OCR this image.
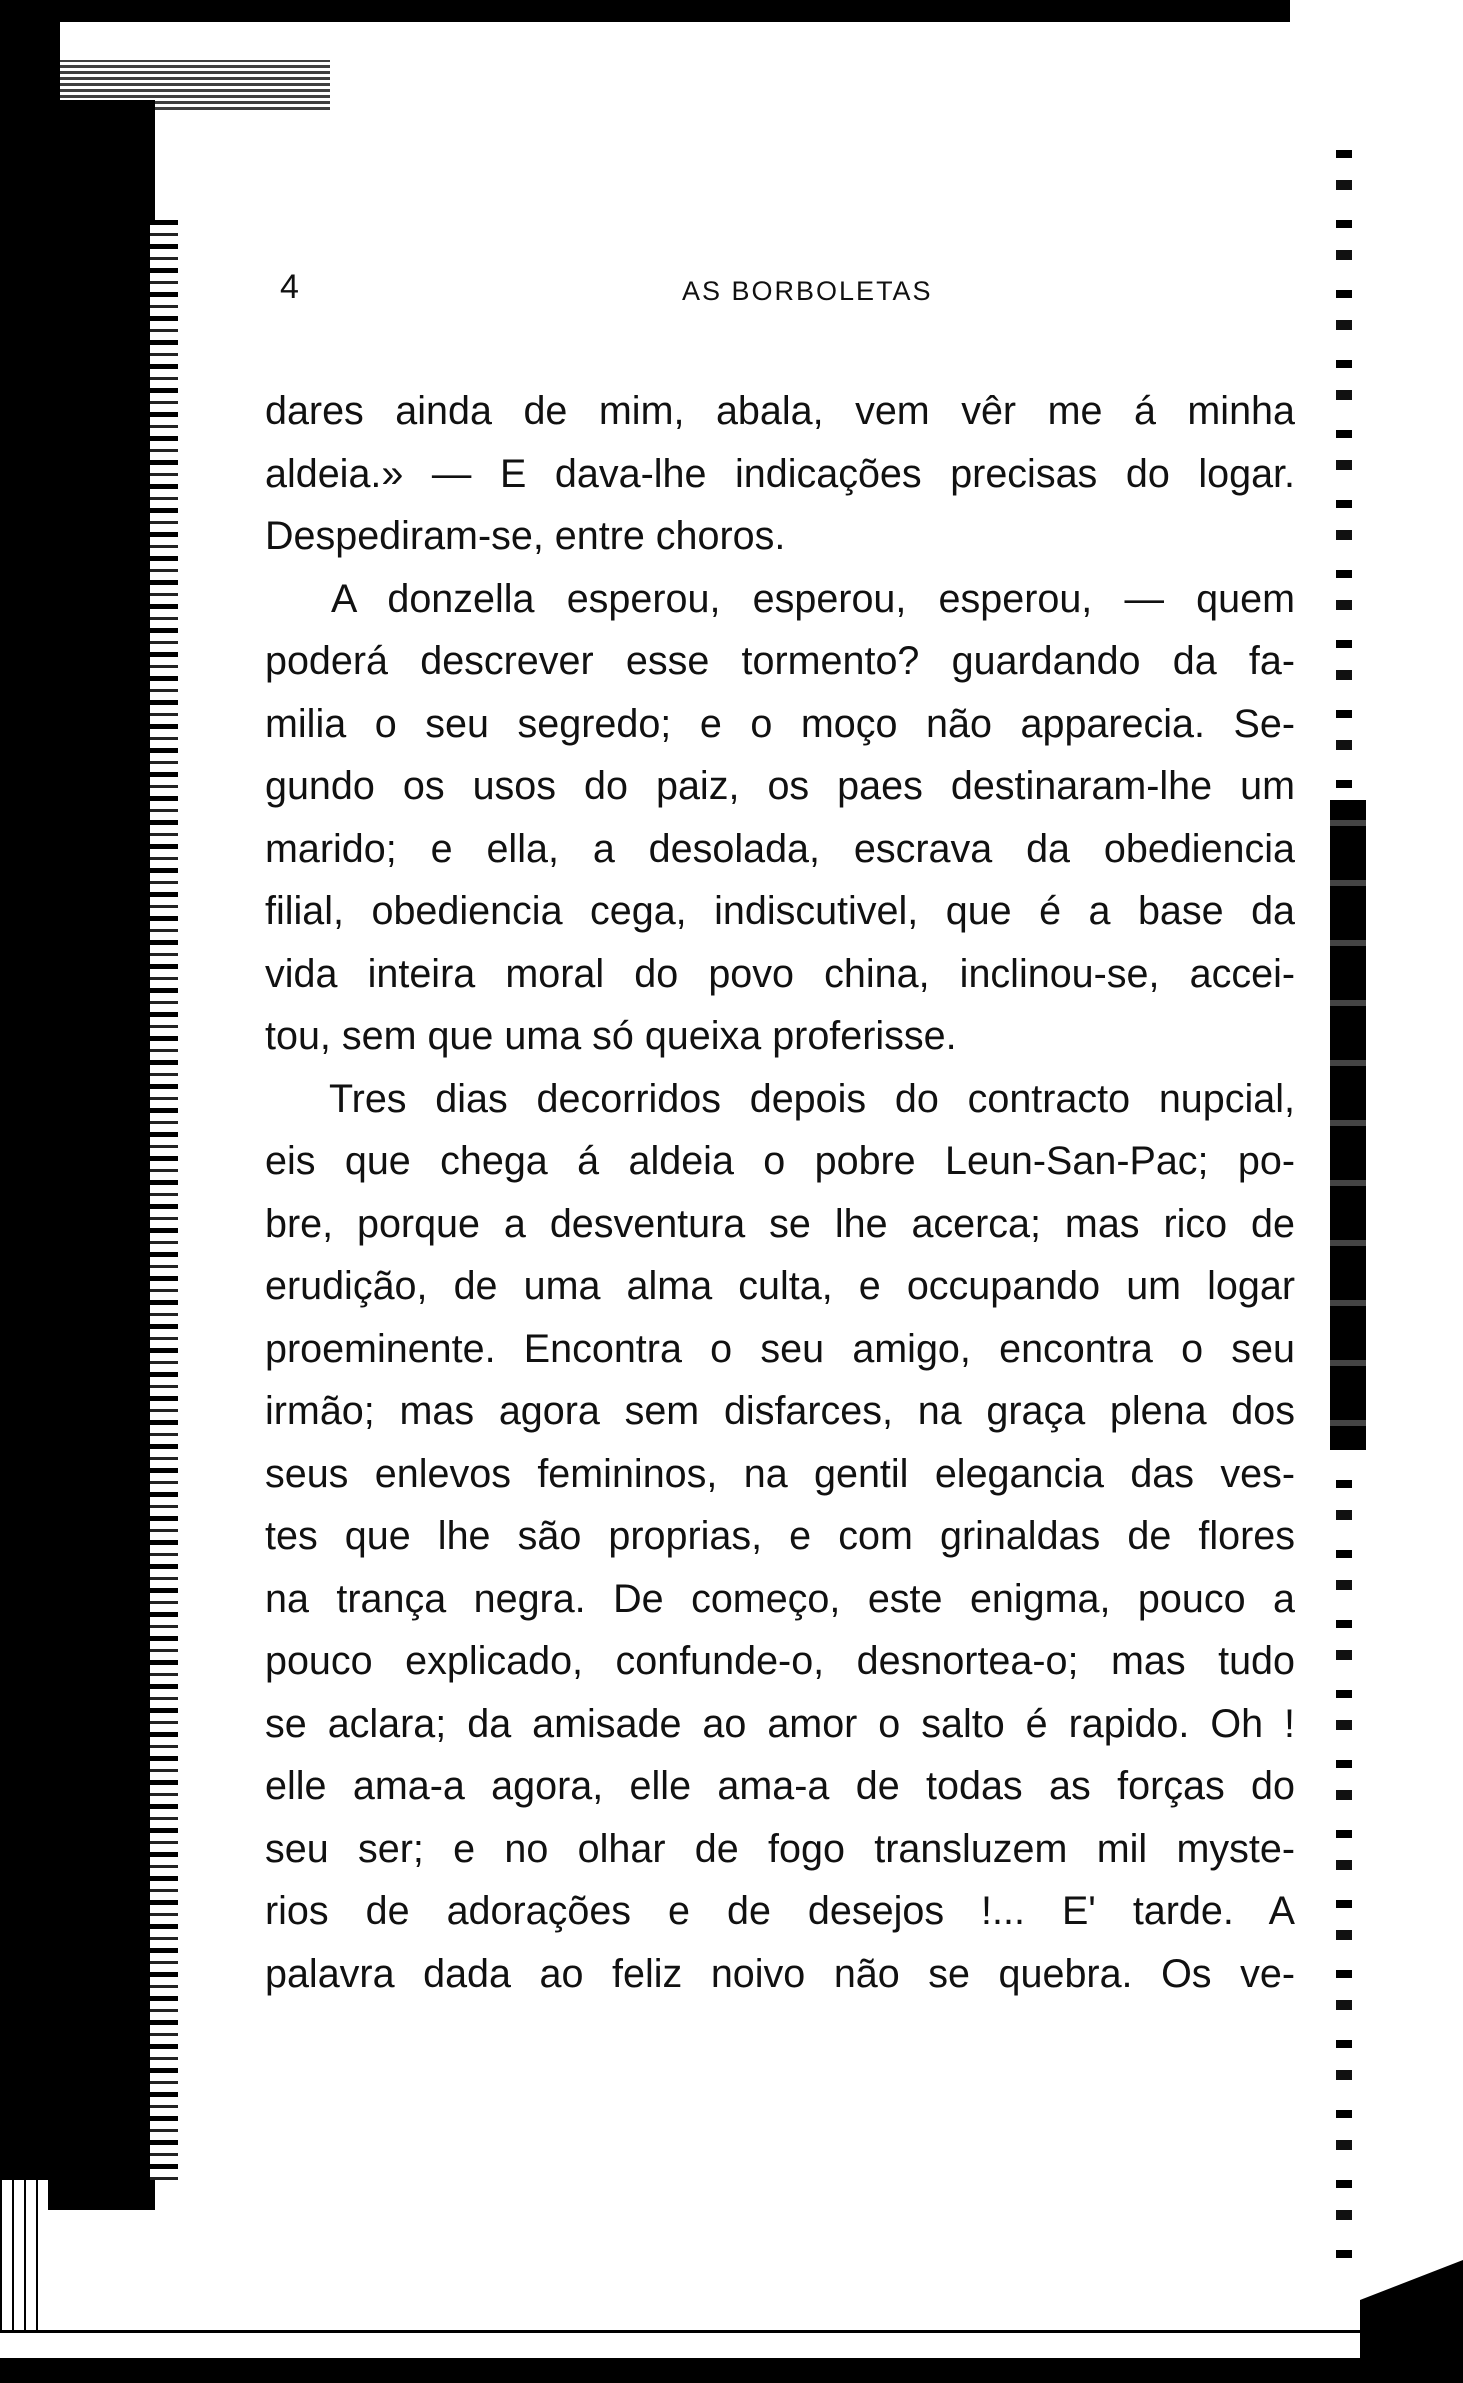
4	AS BORBOLETAS
dares ainda de mim, abala, vem vêr me á minha
aldeia.» — E dava-lhe indicações precisas do logar.
Despediram-se, entre choros.
A donzella esperou, esperou, esperou, — quem
poderá descrever esse tormento? guardando da fa-
milia o seu segredo; e o moço não apparecia. Se-
gundo os usos do paiz, os paes destinaram-lhe um
marido; e ella, a desolada, escrava da obediencia
filial, obediencia cega, indiscutivel, que é a base da
vida inteira moral do povo china, inclinou-se, accei-
tou, sem que uma só queixa proferisse.
Tres dias decorridos depois do contracto nupcial,
eis que chega á aldeia o pobre Leun-San-Pac; po-
bre, porque a desventura se lhe acerca; mas rico de
erudição, de uma alma culta, e occupando um logar
proeminente. Encontra o seu amigo, encontra o seu
irmão; mas agora sem disfarces, na graça plena dos
seus enlevos femininos, na gentil elegancia das ves-
tes que lhe são proprias, e com grinaldas de flores
na trança negra. De começo, este enigma, pouco a
pouco explicado, confunde-o, desnortea-o; mas tudo
se aclara; da amisade ao amor o salto é rapido. Oh !
elle ama-a agora, elle ama-a de todas as forças do
seu ser; e no olhar de fogo transluzem mil myste-
rios de adorações e de desejos !... E' tarde. A
palavra dada ao feliz noivo não se quebra. Os ve-
